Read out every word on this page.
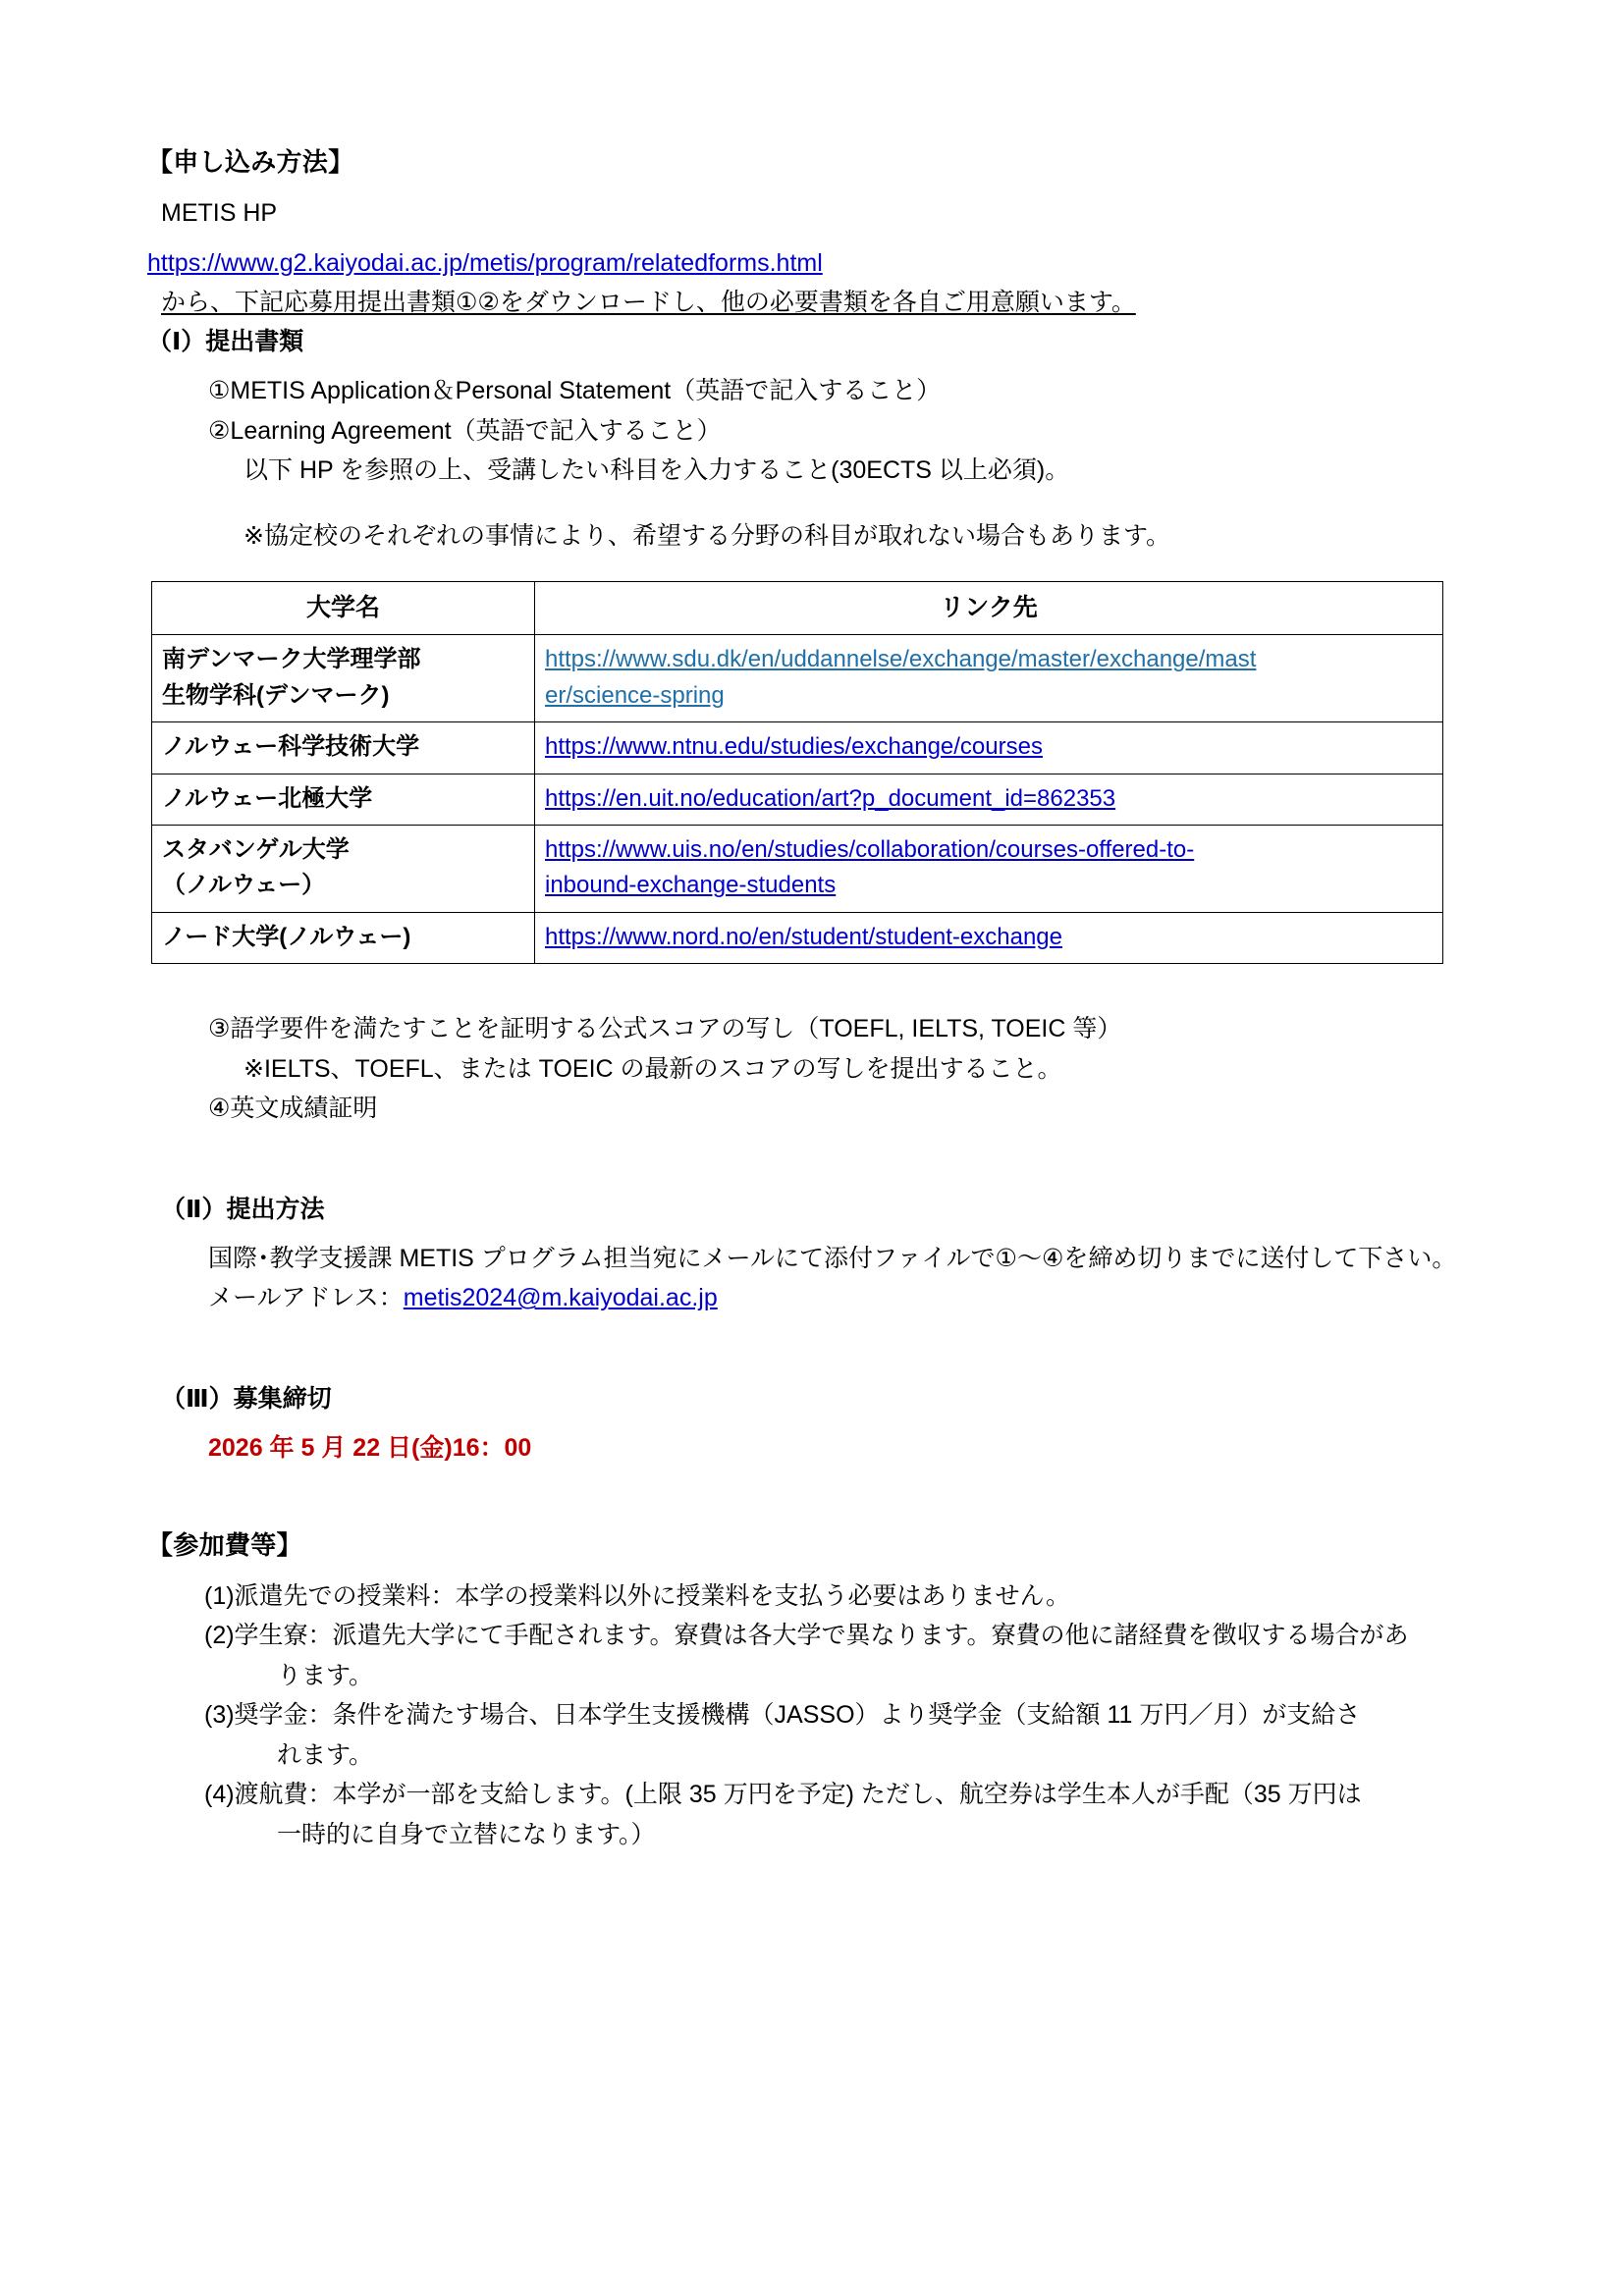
【申し込み方法】
METIS HP
https://www.g2.kaiyodai.ac.jp/metis/program/relatedforms.html
から、下記応募用提出書類①②をダウンロードし、他の必要書類を各自ご用意願います。
（Ⅰ）提出書類
①METIS Application＆Personal Statement（英語で記入すること）
②Learning Agreement（英語で記入すること）
以下 HP を参照の上、受講したい科目を入力すること(30ECTS 以上必須)。
※協定校のそれぞれの事情により、希望する分野の科目が取れない場合もあります。
大学名	リンク先
南デンマーク大学理学部
生物学科(デンマーク)	https://www.sdu.dk/en/uddannelse/exchange/master/exchange/mast
er/science-spring
ノルウェー科学技術大学	https://www.ntnu.edu/studies/exchange/courses
ノルウェー北極大学	https://en.uit.no/education/art?p_document_id=862353
スタバンゲル大学
（ノルウェー）	https://www.uis.no/en/studies/collaboration/courses-offered-to-
inbound-exchange-students
ノード大学(ノルウェー)	https://www.nord.no/en/student/student-exchange
③語学要件を満たすことを証明する公式スコアの写し（TOEFL, IELTS, TOEIC 等）
※IELTS、TOEFL、または TOEIC の最新のスコアの写しを提出すること。
④英文成績証明
（Ⅱ）提出方法
国際･教学支援課 METIS プログラム担当宛にメールにて添付ファイルで①～④を締め切りまでに送付して下さい。
メールアドレス：metis2024@m.kaiyodai.ac.jp
（Ⅲ）募集締切
2026 年 5 月 22 日(金)16：00
【参加費等】
(1)派遣先での授業料：本学の授業料以外に授業料を支払う必要はありません。
(2)学生寮：派遣先大学にて手配されます。寮費は各大学で異なります。寮費の他に諸経費を徴収する場合があ
ります。
(3)奨学金：条件を満たす場合、日本学生支援機構（JASSO）より奨学金（支給額 11 万円／月）が支給さ
れます。
(4)渡航費：本学が一部を支給します。(上限 35 万円を予定) ただし、航空券は学生本人が手配（35 万円は
一時的に自身で立替になります。）
